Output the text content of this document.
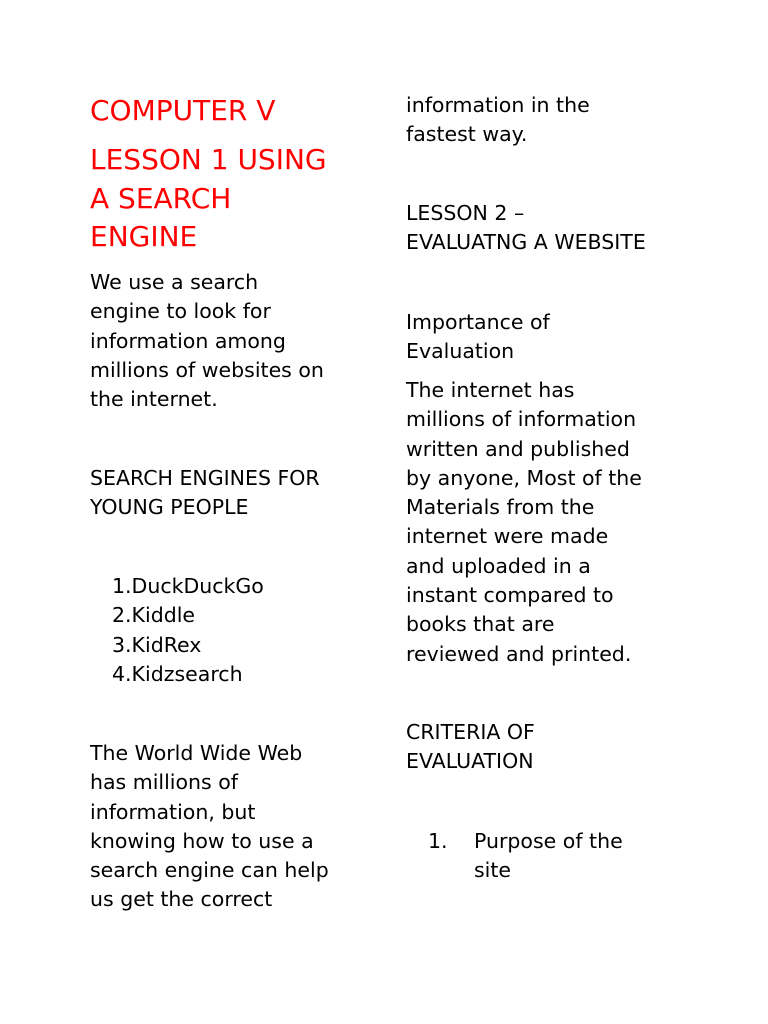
COMPUTER V

LESSON 1 USING
A SEARCH
ENGINE

We use a search
engine to look for
information among
millions of websites on
the internet.

SEARCH ENGINES FOR
YOUNG PEOPLE

1.DuckDuckGo
2.Kiddle
3.KidRex
4.Kidzsearch

The World Wide Web
has millions of
information, but
knowing how to use a
search engine can help
us get the correct

information in the
fastest way.

LESSON 2 –
EVALUATNG A WEBSITE

Importance of
Evaluation

The internet has
millions of information
written and published
by anyone, Most of the
Materials from the
internet were made
and uploaded in a
instant compared to
books that are
reviewed and printed.

CRITERIA OF
EVALUATION

1. Purpose of the
site
